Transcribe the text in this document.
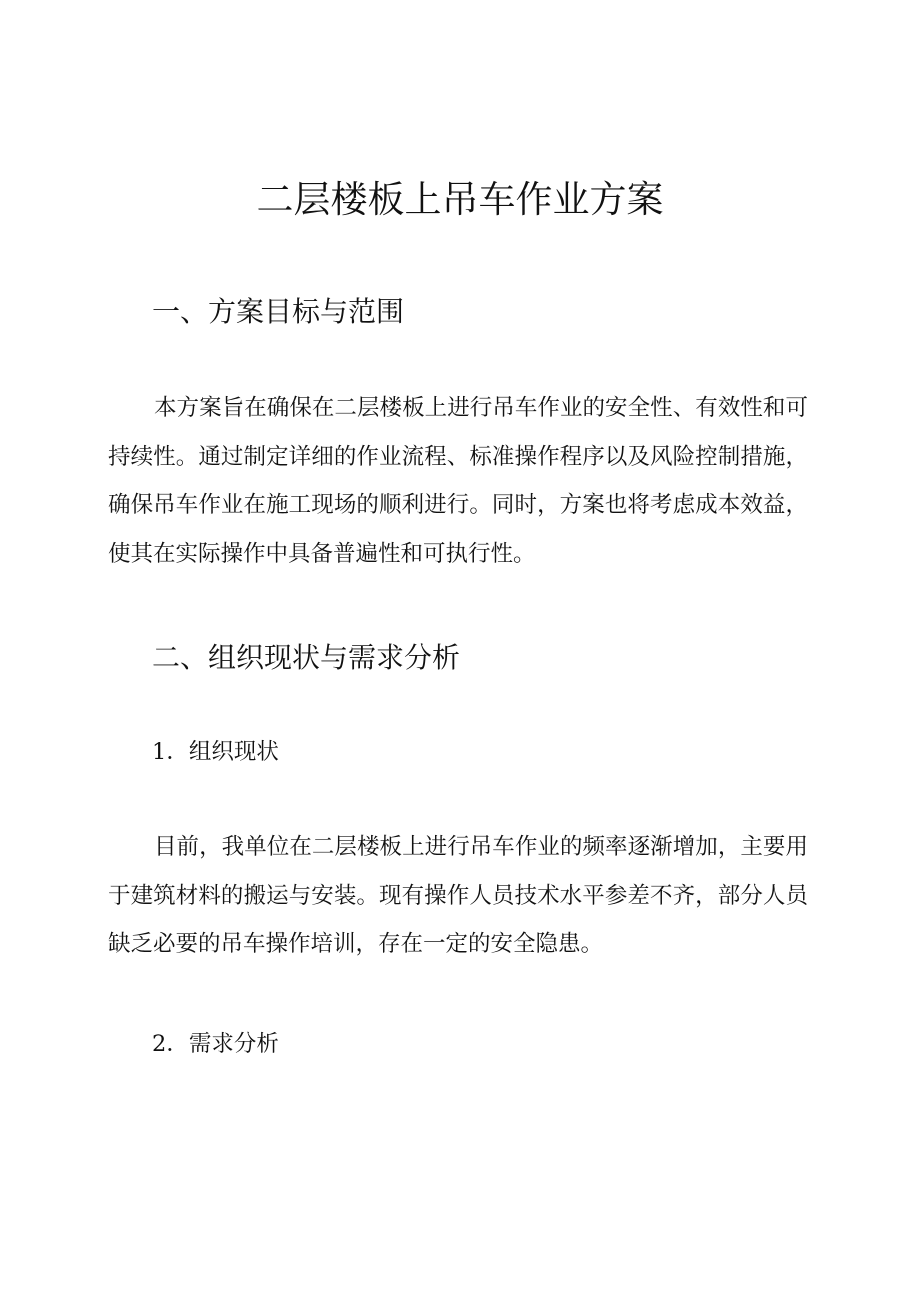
二层楼板上吊车作业方案
一、方案目标与范围

本方案旨在确保在二层楼板上进行吊车作业的安全性、有效性和可持续性。通过制定详细的作业流程、标准操作程序以及风险控制措施，确保吊车作业在施工现场的顺利进行。同时，方案也将考虑成本效益，使其在实际操作中具备普遍性和可执行性。

二、组织现状与需求分析

1．组织现状

目前，我单位在二层楼板上进行吊车作业的频率逐渐增加，主要用于建筑材料的搬运与安装。现有操作人员技术水平参差不齐，部分人员缺乏必要的吊车操作培训，存在一定的安全隐患。

2．需求分析
